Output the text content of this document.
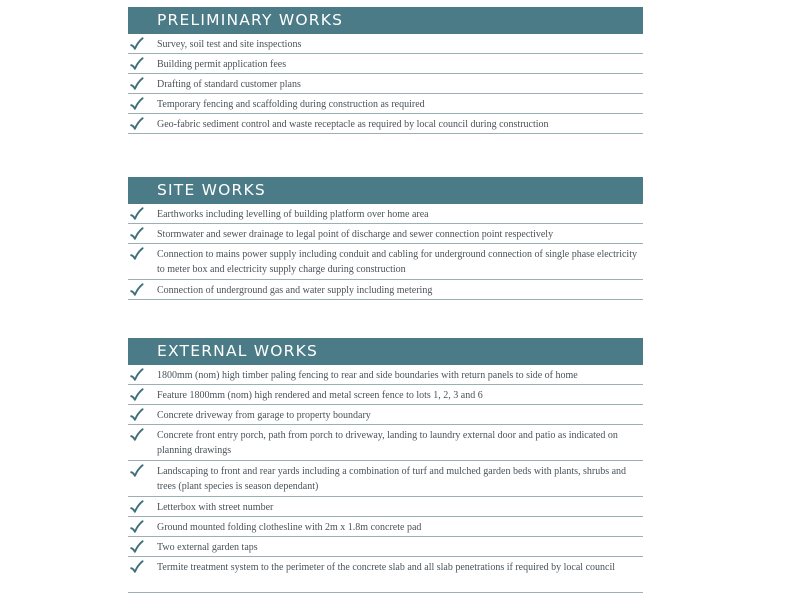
PRELIMINARY WORKS
Survey, soil test and site inspections
Building permit application fees
Drafting of standard customer plans
Temporary fencing and scaffolding during construction as required
Geo-fabric sediment control and waste receptacle as required by local council during construction
SITE WORKS
Earthworks including levelling of building platform over home area
Stormwater and sewer drainage to legal point of discharge and sewer connection point respectively
Connection to mains power supply including conduit and cabling for underground connection of single phase electricity to meter box and electricity supply charge during construction
Connection of underground gas and water supply including metering
EXTERNAL WORKS
1800mm (nom) high timber paling fencing to rear and side boundaries with return panels to side of home
Feature 1800mm (nom) high rendered and metal screen fence to lots 1, 2, 3 and 6
Concrete driveway from garage to property boundary
Concrete front entry porch, path from porch to driveway, landing to laundry external door and patio as indicated on planning drawings
Landscaping to front and rear yards including a combination of turf and mulched garden beds with plants, shrubs and trees (plant species is season dependant)
Letterbox with street number
Ground mounted folding clothesline with 2m x 1.8m concrete pad
Two external garden taps
Termite treatment system to the perimeter of the concrete slab and all slab penetrations if required by local council
